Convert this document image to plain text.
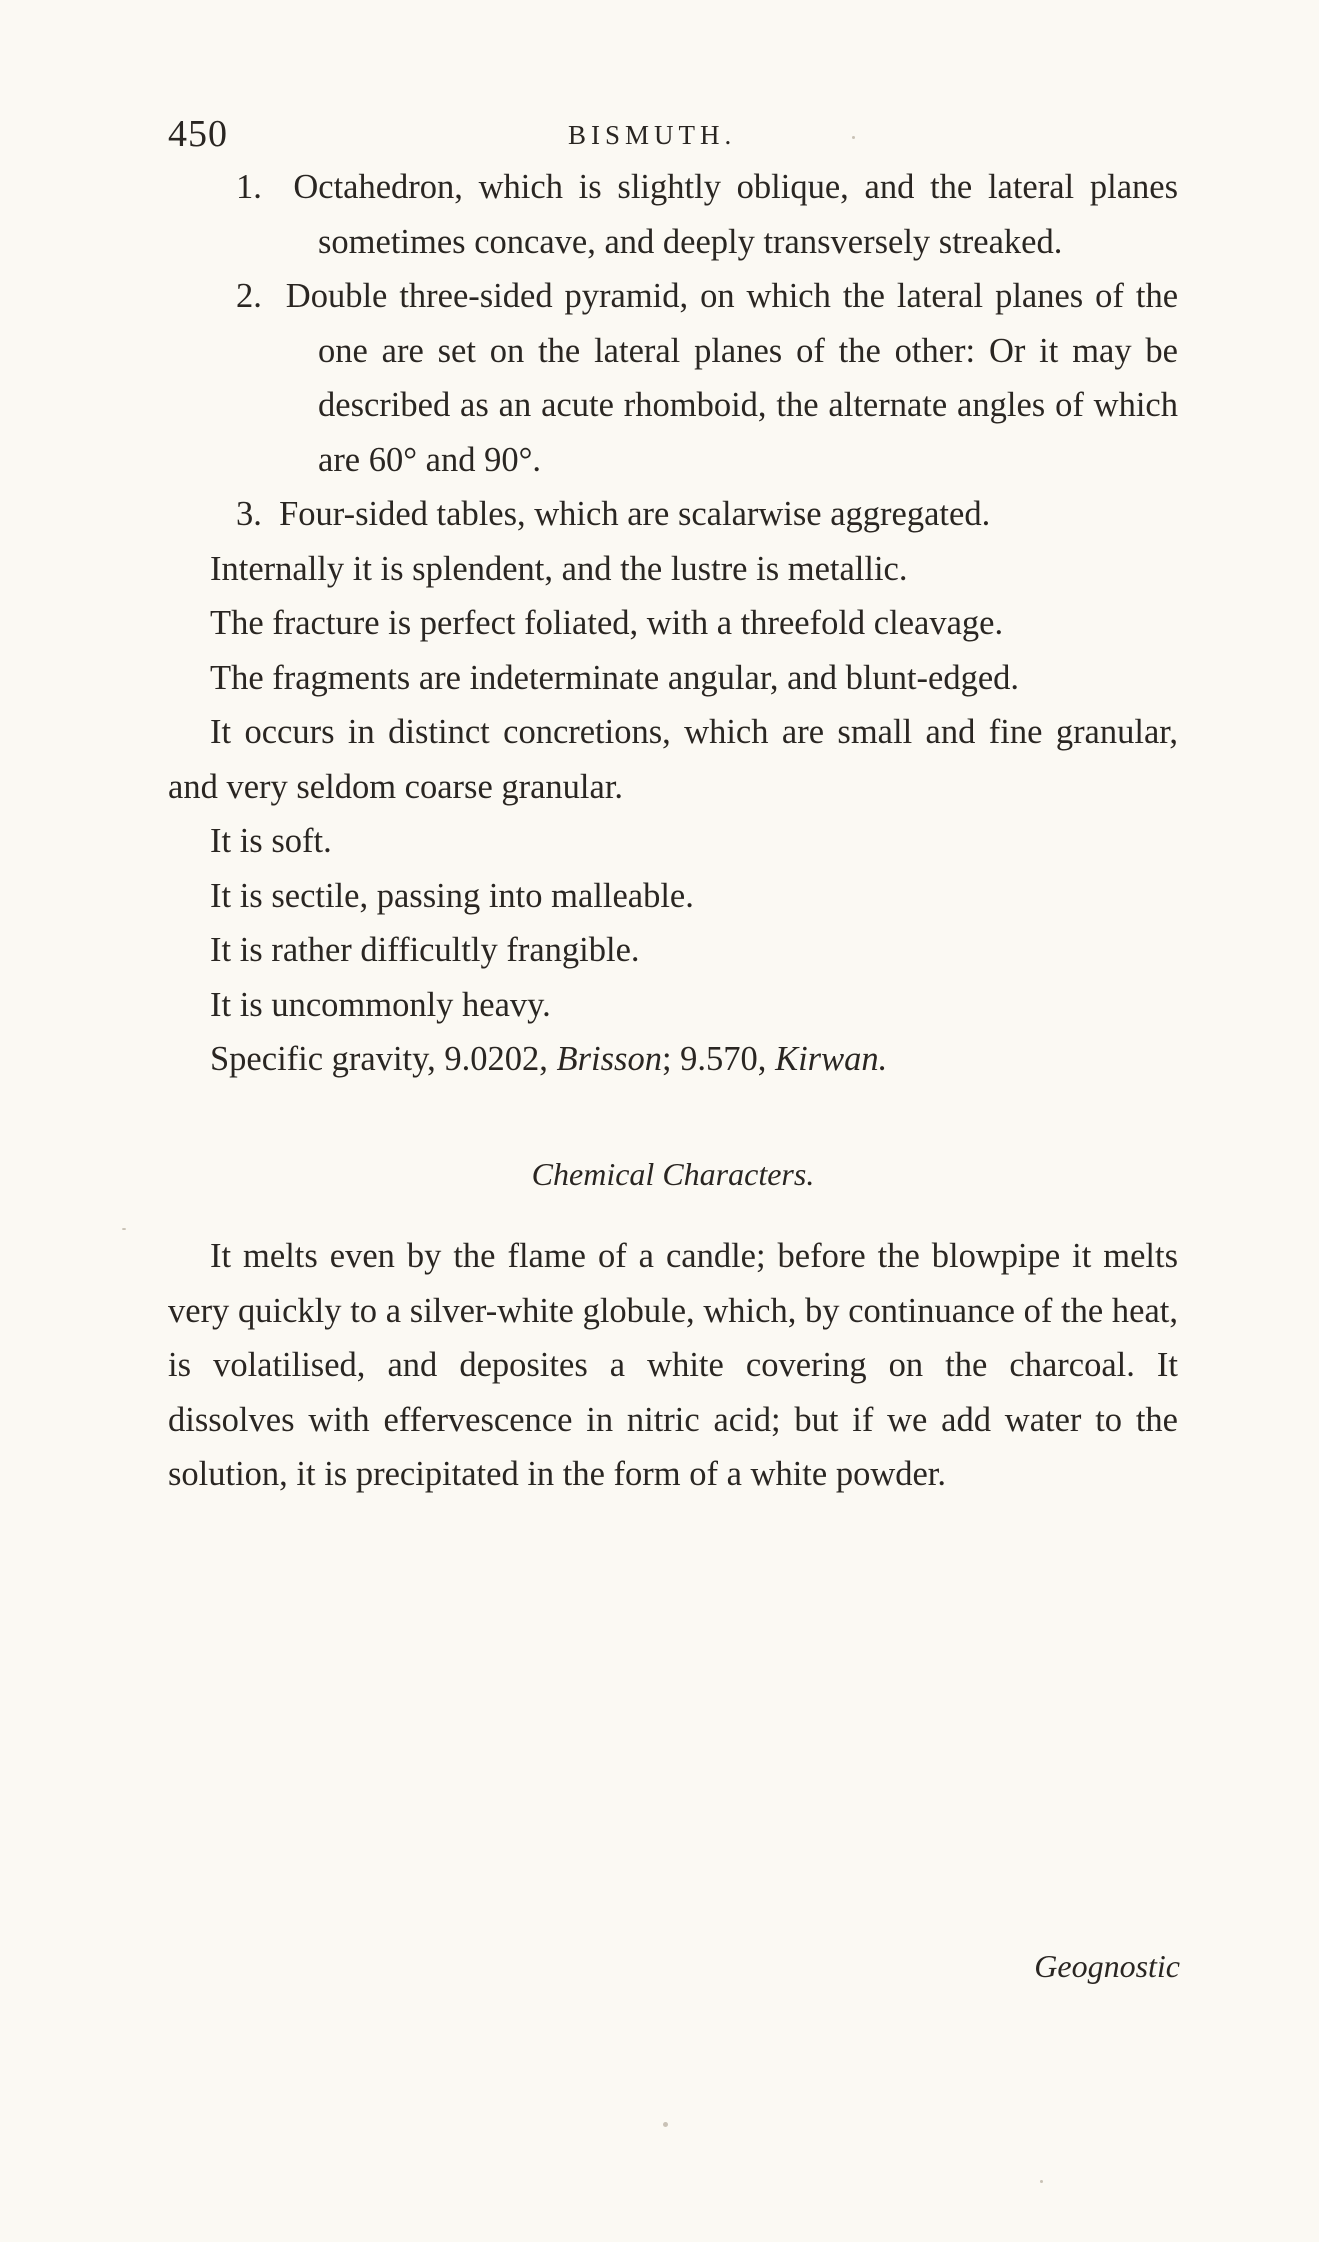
450	BISMUTH.

1. Octahedron, which is slightly oblique, and the lateral planes sometimes concave, and deeply transversely streaked.

2. Double three-sided pyramid, on which the lateral planes of the one are set on the lateral planes of the other: Or it may be described as an acute rhomboid, the alternate angles of which are 60° and 90°.

3. Four-sided tables, which are scalarwise aggregated.

Internally it is splendent, and the lustre is metallic.

The fracture is perfect foliated, with a threefold cleavage.

The fragments are indeterminate angular, and blunt-edged.

It occurs in distinct concretions, which are small and fine granular, and very seldom coarse granular.

It is soft.

It is sectile, passing into malleable.

It is rather difficultly frangible.

It is uncommonly heavy.

Specific gravity, 9.0202, Brisson; 9.570, Kirwan.

Chemical Characters.

It melts even by the flame of a candle; before the blowpipe it melts very quickly to a silver-white globule, which, by continuance of the heat, is volatilised, and deposites a white covering on the charcoal. It dissolves with effervescence in nitric acid; but if we add water to the solution, it is precipitated in the form of a white powder.

Geognostic
